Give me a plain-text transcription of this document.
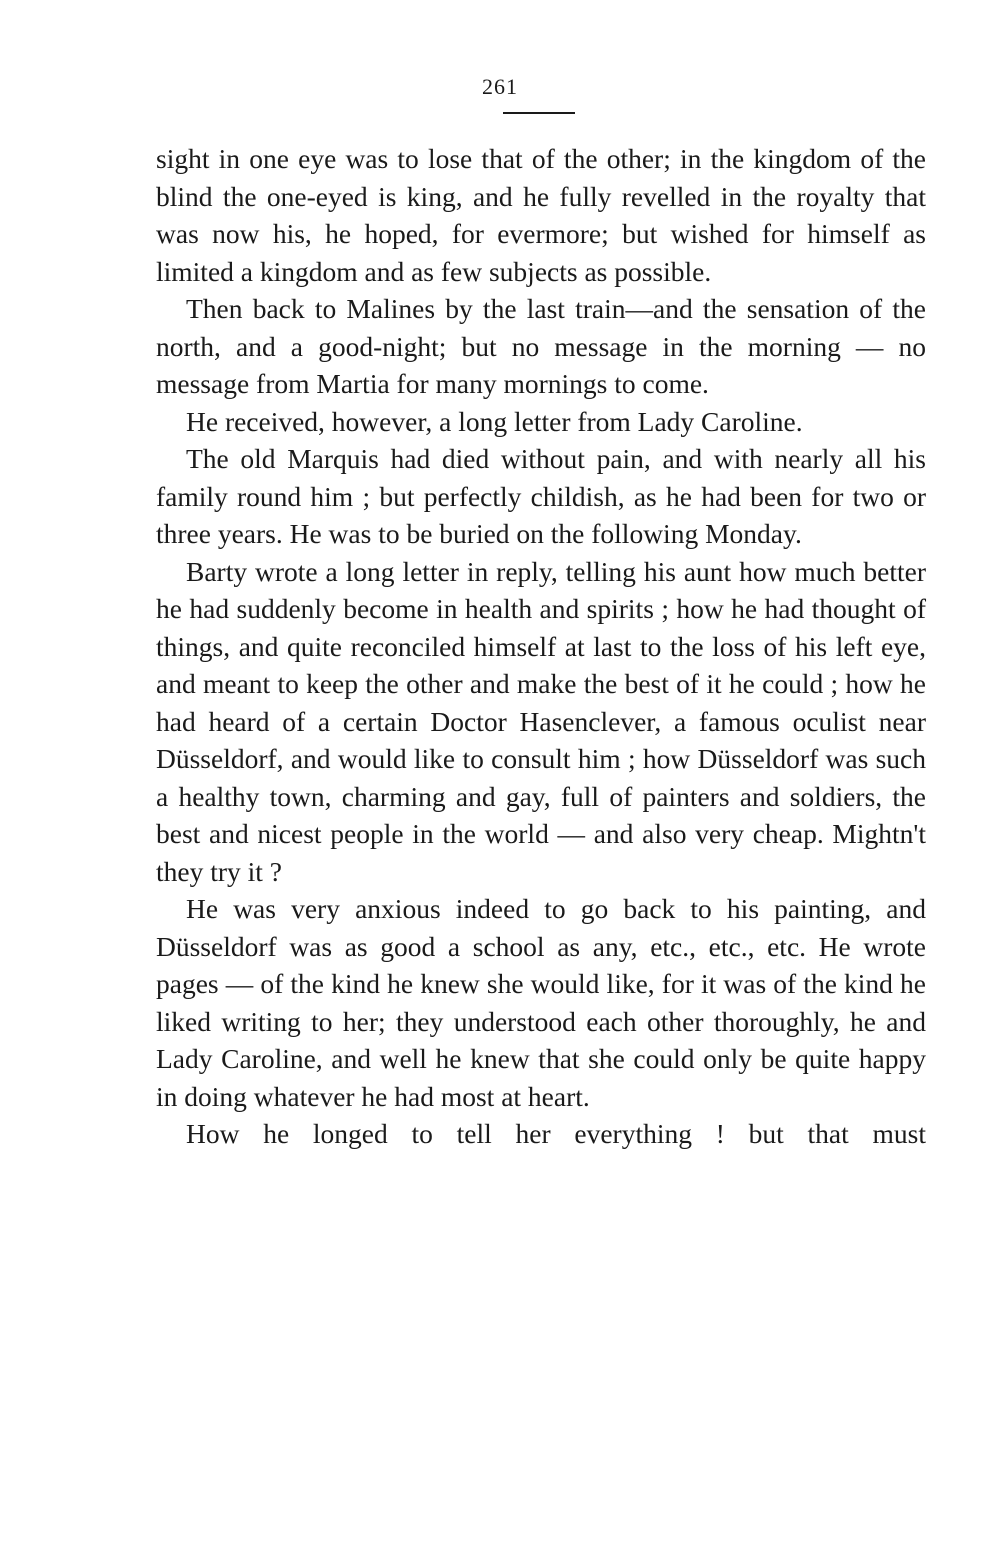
261

sight in one eye was to lose that of the other; in the kingdom of the blind the one-eyed is king, and he fully revelled in the royalty that was now his, he hoped, for evermore; but wished for himself as limited a kingdom and as few subjects as possible.

Then back to Malines by the last train—and the sensation of the north, and a good-night; but no message in the morning — no message from Martia for many mornings to come.

He received, however, a long letter from Lady Caroline.

The old Marquis had died without pain, and with nearly all his family round him ; but perfectly childish, as he had been for two or three years. He was to be buried on the following Monday.

Barty wrote a long letter in reply, telling his aunt how much better he had suddenly become in health and spirits ; how he had thought of things, and quite reconciled himself at last to the loss of his left eye, and meant to keep the other and make the best of it he could ; how he had heard of a certain Doctor Hasenclever, a famous oculist near Düsseldorf, and would like to consult him ; how Düsseldorf was such a healthy town, charming and gay, full of painters and soldiers, the best and nicest people in the world — and also very cheap. Mightn't they try it ?

He was very anxious indeed to go back to his painting, and Düsseldorf was as good a school as any, etc., etc., etc. He wrote pages — of the kind he knew she would like, for it was of the kind he liked writing to her; they understood each other thoroughly, he and Lady Caroline, and well he knew that she could only be quite happy in doing whatever he had most at heart.

How he longed to tell her everything ! but that must
